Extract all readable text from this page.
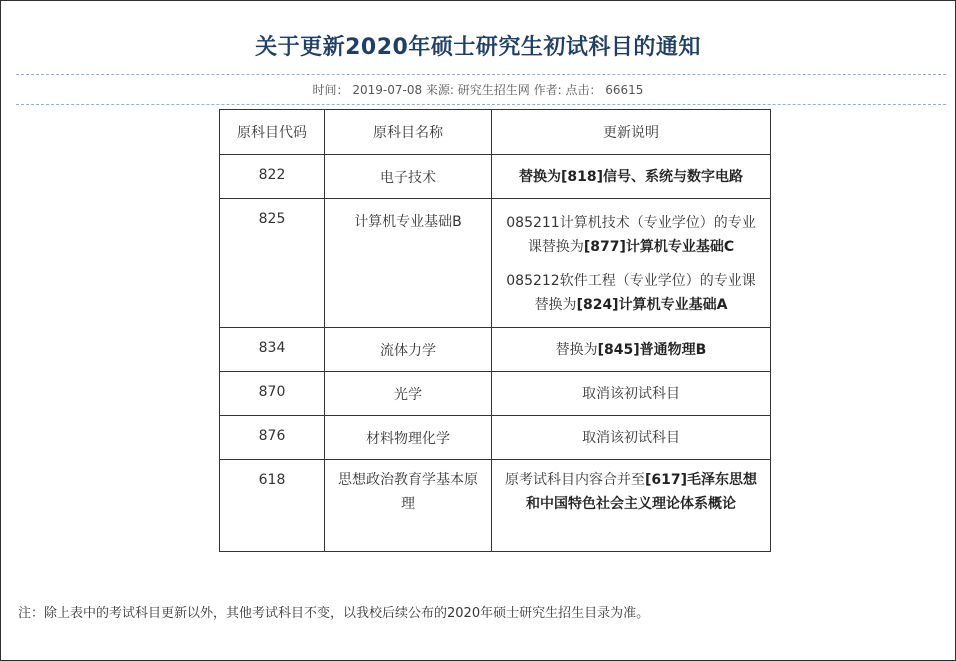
关于更新2020年硕士研究生初试科目的通知
时间： 2019-07-08 来源: 研究生招生网 作者: 点击： 66615
原科目代码	原科目名称	更新说明
822	电子技术	替换为[818]信号、系统与数字电路
825	计算机专业基础B	085211计算机技术（专业学位）的专业课替换为[877]计算机专业基础C
085212软件工程（专业学位）的专业课替换为[824]计算机专业基础A

834	流体力学	替换为[845]普通物理B
870	光学	取消该初试科目
876	材料物理化学	取消该初试科目
618	思想政治教育学基本原理	原考试科目内容合并至[617]毛泽东思想和中国特色社会主义理论体系概论
注：除上表中的考试科目更新以外，其他考试科目不变，以我校后续公布的2020年硕士研究生招生目录为准。
